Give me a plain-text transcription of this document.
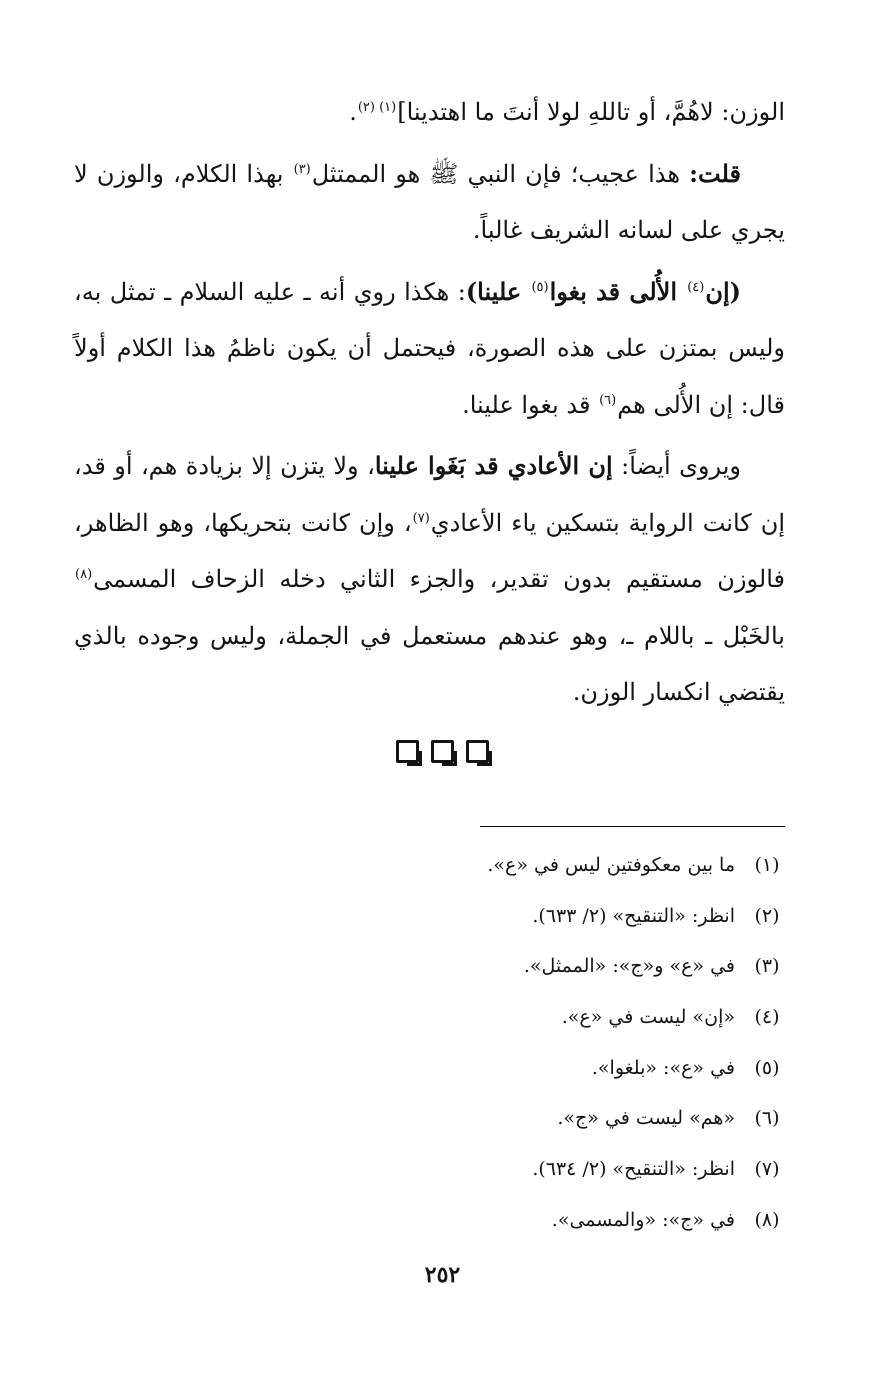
الوزن: لاهُمَّ، أو تاللهِ لولا أنتَ ما اهتدينا]$^{(١) (٢)}$.

قلت: هذا عجيب؛ فإن النبي ﷺ هو الممتثل$^{(٣)}$ بهذا الكلام، والوزن لا يجري على لسانه الشريف غالباً.

(إن$^{(٤)}$ الأُلى قد بغوا$^{(٥)}$ علينا): هكذا روي أنه ـ عليه السلام ـ تمثل به، وليس بمتزن على هذه الصورة، فيحتمل أن يكون ناظمُ هذا الكلام أولاً قال: إن الأُلى هم$^{(٦)}$ قد بغوا علينا.

ويروى أيضاً: إن الأعادي قد بَغَوا علينا، ولا يتزن إلا بزيادة هم، أو قد، إن كانت الرواية بتسكين ياء الأعادي$^{(٧)}$، وإن كانت بتحريكها، وهو الظاهر، فالوزن مستقيم بدون تقدير، والجزء الثاني دخله الزحاف المسمى$^{(٨)}$ بالخَبْل ـ باللام ـ، وهو عندهم مستعمل في الجملة، وليس وجوده بالذي يقتضي انكسار الوزن.

(١)
ما بين معكوفتين ليس في «ع».
(٢)
انظر: «التنقيح» (٢/ ٦٣٣).
(٣)
في «ع» و«ج»: «الممثل».
(٤)
«إن» ليست في «ع».
(٥)
في «ع»: «بلغوا».
(٦)
«هم» ليست في «ج».
(٧)
انظر: «التنقيح» (٢/ ٦٣٤).
(٨)
في «ج»: «والمسمى».
٢٥٢
